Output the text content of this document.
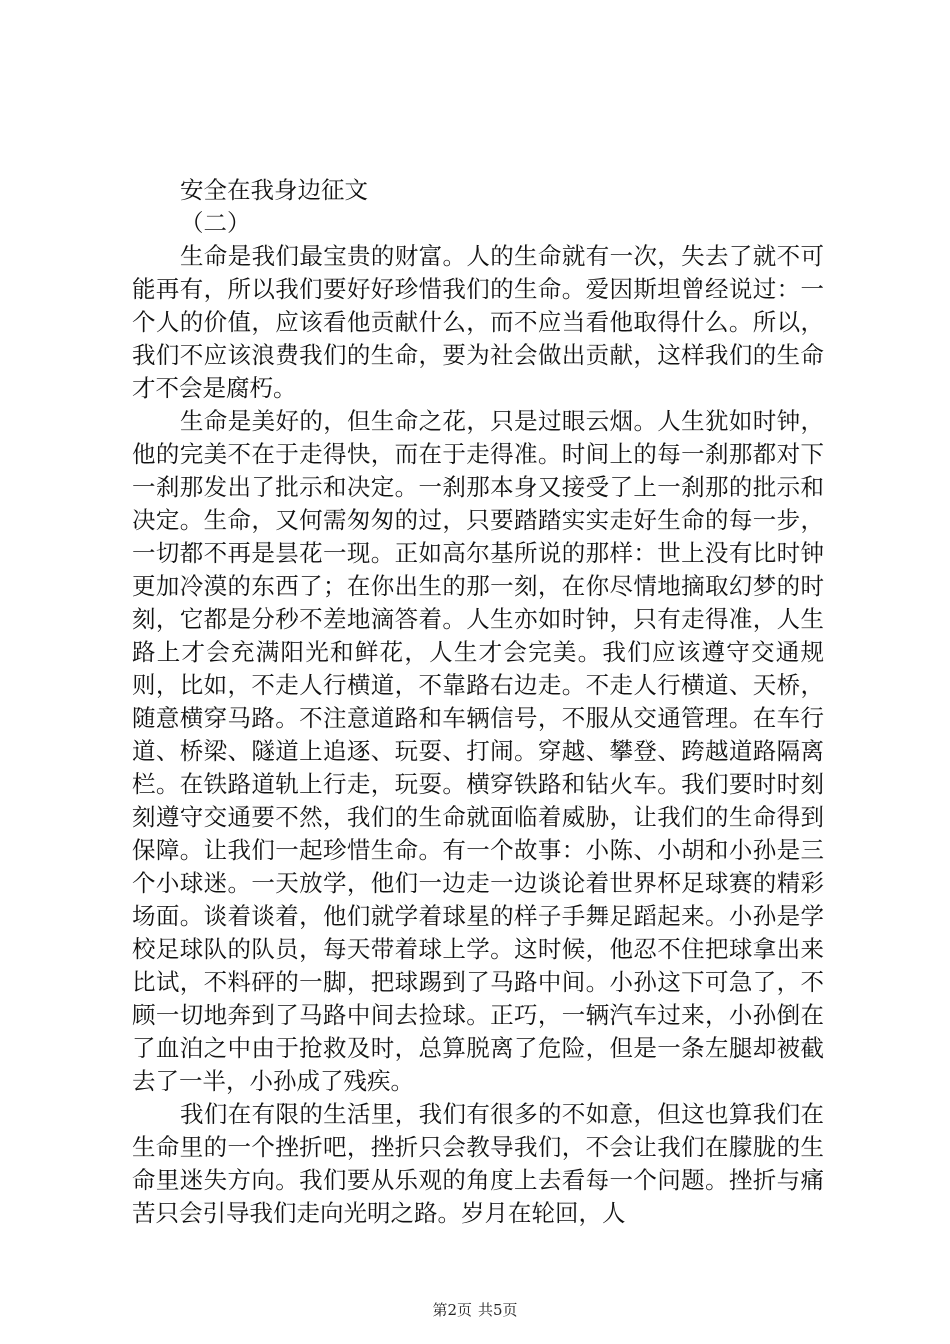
安全在我身边征文

（二）

生命是我们最宝贵的财富。人的生命就有一次，失去了就不可能再有，所以我们要好好珍惜我们的生命。爱因斯坦曾经说过：一个人的价值，应该看他贡献什么，而不应当看他取得什么。所以，我们不应该浪费我们的生命，要为社会做出贡献，这样我们的生命才不会是腐朽。

生命是美好的，但生命之花，只是过眼云烟。人生犹如时钟，他的完美不在于走得快，而在于走得准。时间上的每一刹那都对下一刹那发出了批示和决定。一刹那本身又接受了上一刹那的批示和决定。生命，又何需匆匆的过，只要踏踏实实走好生命的每一步，一切都不再是昙花一现。正如高尔基所说的那样：世上没有比时钟更加冷漠的东西了；在你出生的那一刻，在你尽情地摘取幻梦的时刻，它都是分秒不差地滴答着。人生亦如时钟，只有走得准，人生路上才会充满阳光和鲜花，人生才会完美。我们应该遵守交通规则，比如，不走人行横道，不靠路右边走。不走人行横道、天桥，随意横穿马路。不注意道路和车辆信号，不服从交通管理。在车行道、桥梁、隧道上追逐、玩耍、打闹。穿越、攀登、跨越道路隔离栏。在铁路道轨上行走，玩耍。横穿铁路和钻火车。我们要时时刻刻遵守交通要不然，我们的生命就面临着威胁，让我们的生命得到保障。让我们一起珍惜生命。有一个故事：小陈、小胡和小孙是三个小球迷。一天放学，他们一边走一边谈论着世界杯足球赛的精彩场面。谈着谈着，他们就学着球星的样子手舞足蹈起来。小孙是学校足球队的队员，每天带着球上学。这时候，他忍不住把球拿出来比试，不料砰的一脚，把球踢到了马路中间。小孙这下可急了，不顾一切地奔到了马路中间去捡球。正巧，一辆汽车过来，小孙倒在了血泊之中由于抢救及时，总算脱离了危险，但是一条左腿却被截去了一半，小孙成了残疾。

我们在有限的生活里，我们有很多的不如意，但这也算我们在生命里的一个挫折吧，挫折只会教导我们，不会让我们在朦胧的生命里迷失方向。我们要从乐观的角度上去看每一个问题。挫折与痛苦只会引导我们走向光明之路。岁月在轮回，人

第2页 共5页
